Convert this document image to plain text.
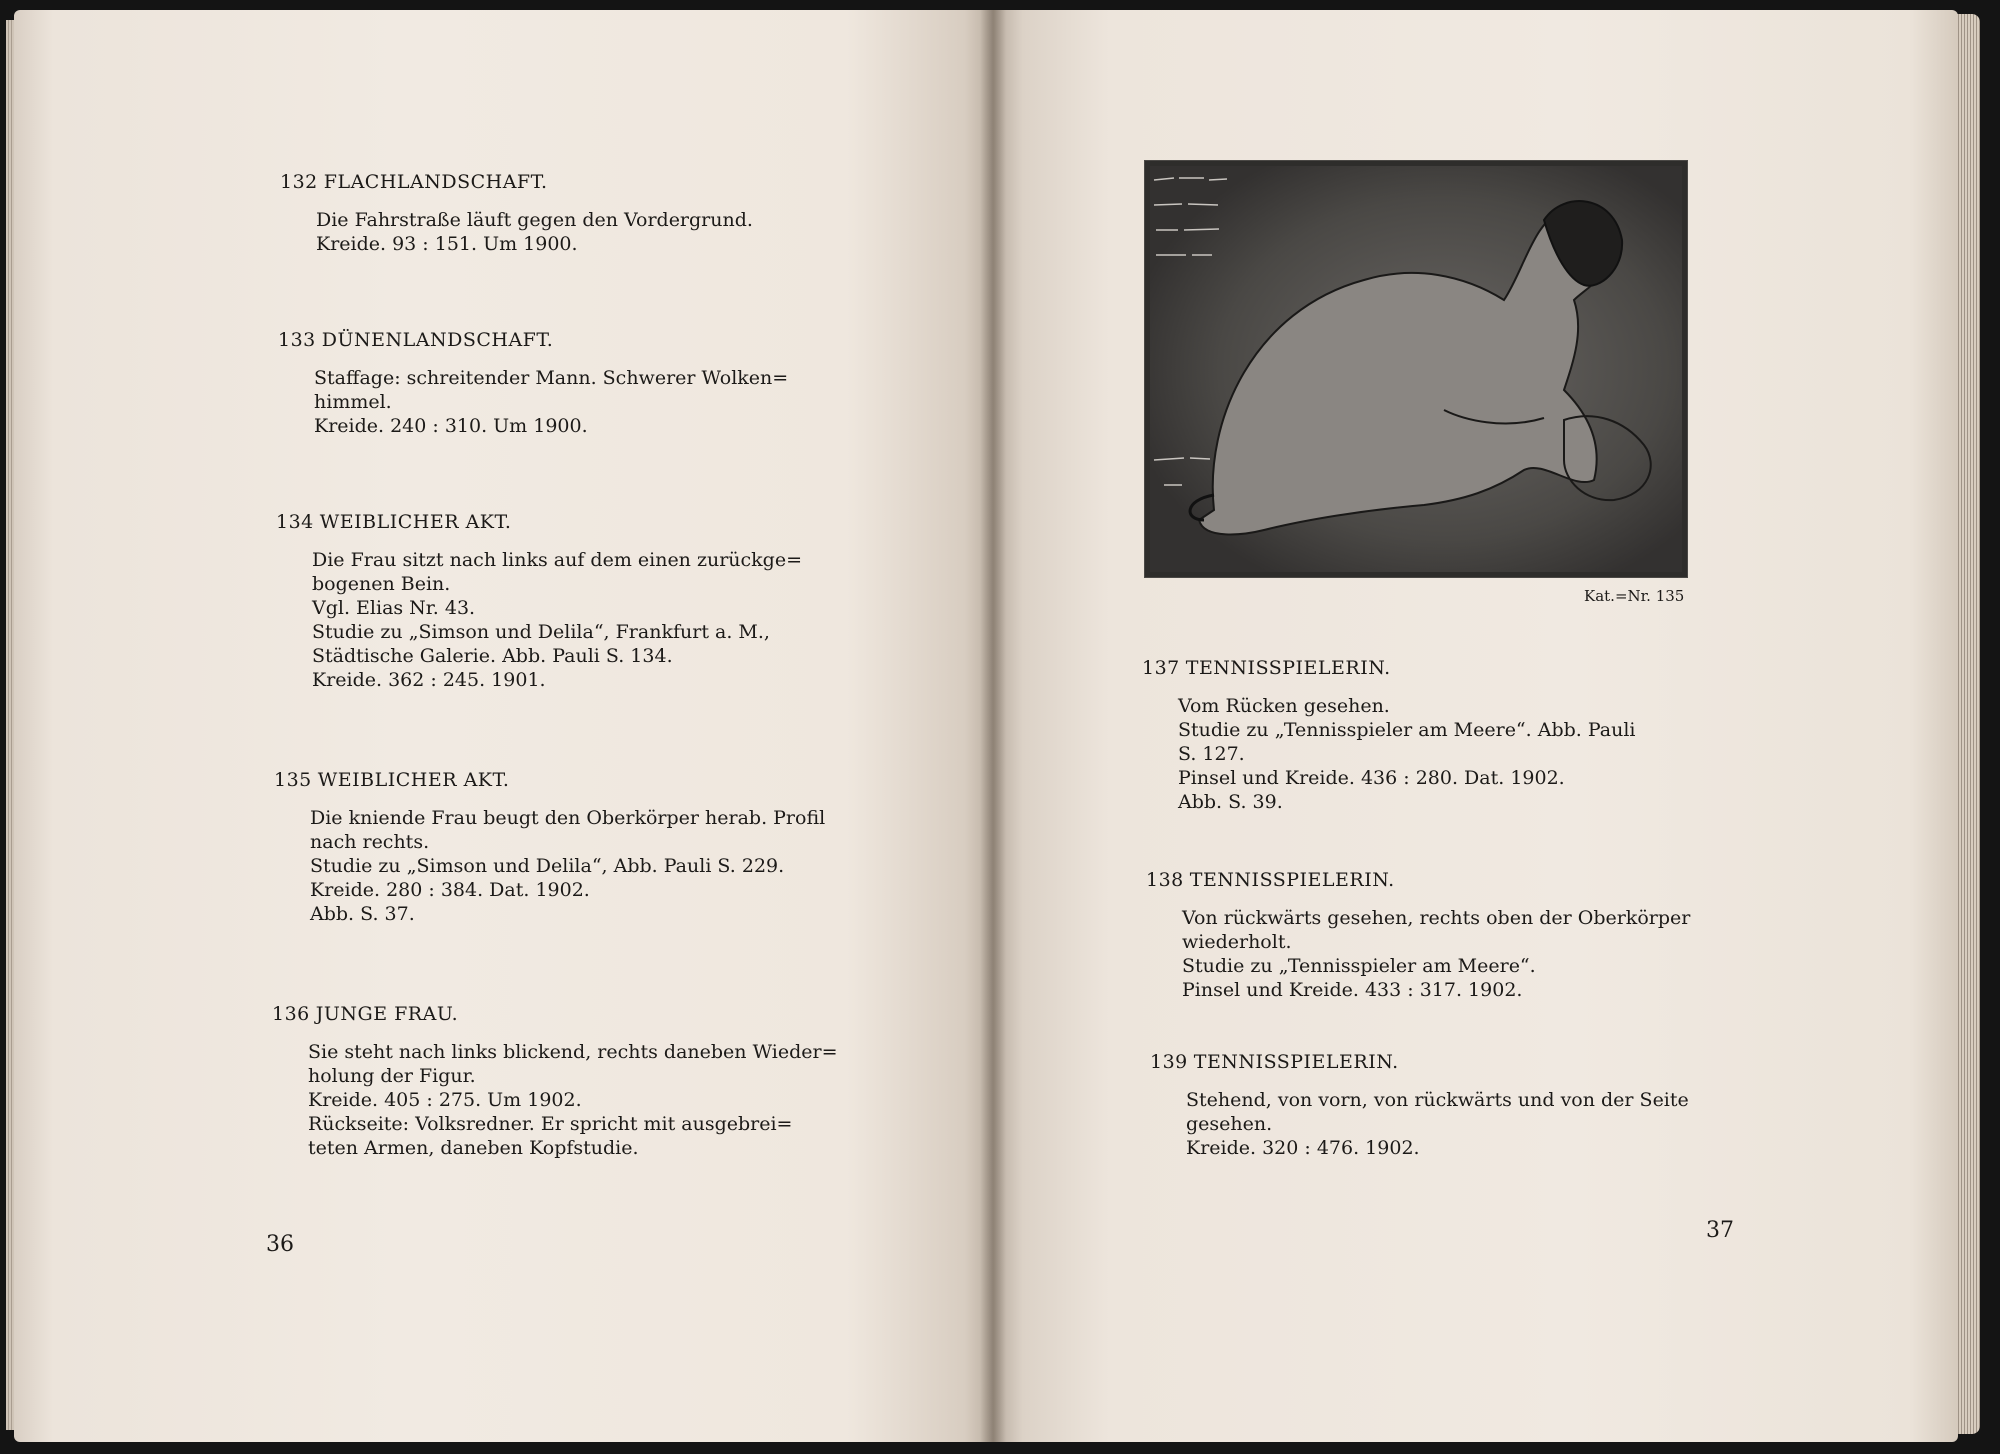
132 FLACHLANDSCHAFT.
Die Fahrstraße läuft gegen den Vordergrund.
Kreide. 93 : 151. Um 1900.
133 DÜNENLANDSCHAFT.
Staffage: schreitender Mann. Schwerer Wolken=
himmel.
Kreide. 240 : 310. Um 1900.
134 WEIBLICHER AKT.
Die Frau sitzt nach links auf dem einen zurückge=
bogenen Bein.
Vgl. Elias Nr. 43.
Studie zu „Simson und Delila“, Frankfurt a. M.,
Städtische Galerie. Abb. Pauli S. 134.
Kreide. 362 : 245. 1901.
135 WEIBLICHER AKT.
Die kniende Frau beugt den Oberkörper herab. Profil
nach rechts.
Studie zu „Simson und Delila“, Abb. Pauli S. 229.
Kreide. 280 : 384. Dat. 1902.
Abb. S. 37.
136 JUNGE FRAU.
Sie steht nach links blickend, rechts daneben Wieder=
holung der Figur.
Kreide. 405 : 275. Um 1902.
Rückseite: Volksredner. Er spricht mit ausgebrei=
teten Armen, daneben Kopfstudie.
36
Kat.=Nr. 135
137 TENNISSPIELERIN.
Vom Rücken gesehen.
Studie zu „Tennisspieler am Meere“. Abb. Pauli
S. 127.
Pinsel und Kreide. 436 : 280. Dat. 1902.
Abb. S. 39.
138 TENNISSPIELERIN.
Von rückwärts gesehen, rechts oben der Oberkörper
wiederholt.
Studie zu „Tennisspieler am Meere“.
Pinsel und Kreide. 433 : 317. 1902.
139 TENNISSPIELERIN.
Stehend, von vorn, von rückwärts und von der Seite
gesehen.
Kreide. 320 : 476. 1902.
37
